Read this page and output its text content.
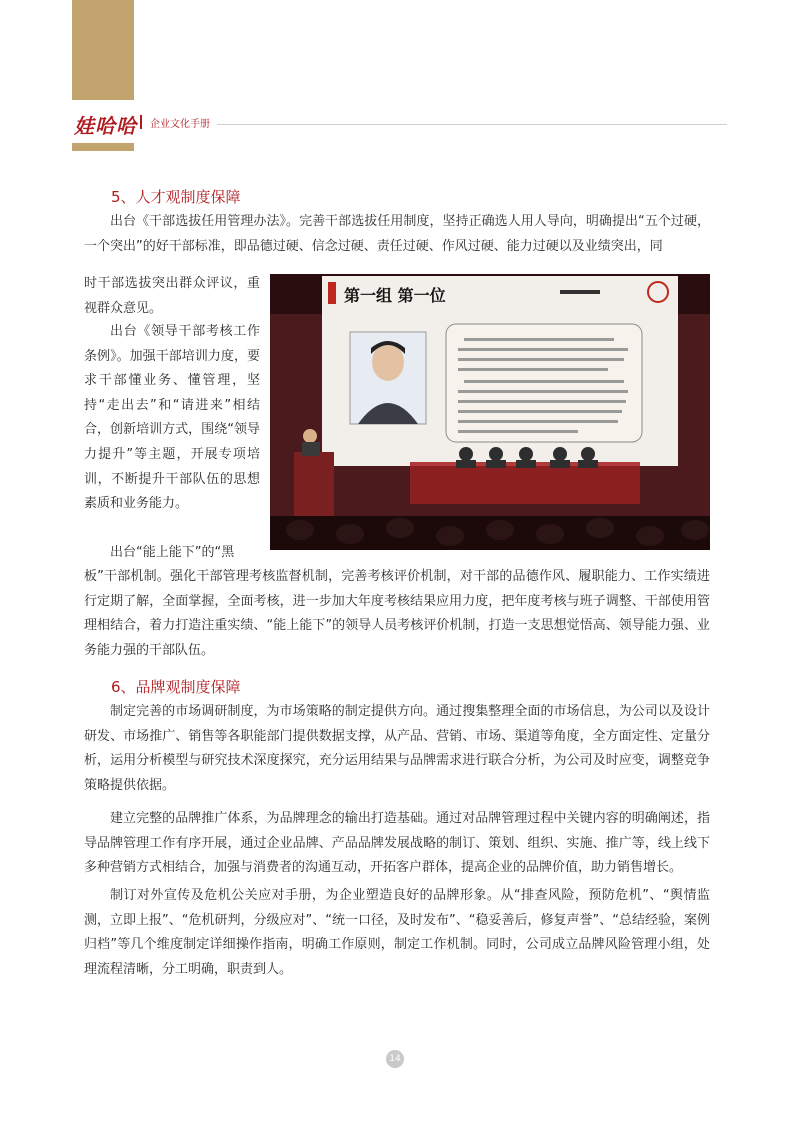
娃哈哈 企业文化手册
5、人才观制度保障

出台《干部选拔任用管理办法》。完善干部选拔任用制度，坚持正确选人用人导向，明确提出“五个过硬，一个突出”的好干部标准，即品德过硬、信念过硬、责任过硬、作风过硬、能力过硬以及业绩突出，同

时干部选拔突出群众评议，重视群众意见。

出台《领导干部考核工作条例》。加强干部培训力度，要求干部懂业务、懂管理，坚持“走出去”和“请进来”相结合，创新培训方式，围绕“领导力提升”等主题，开展专项培训，不断提升干部队伍的思想素质和业务能力。

出台“能上能下”的“黑

板”干部机制。强化干部管理考核监督机制，完善考核评价机制，对干部的品德作风、履职能力、工作实绩进行定期了解，全面掌握，全面考核，进一步加大年度考核结果应用力度，把年度考核与班子调整、干部使用管理相结合，着力打造注重实绩、“能上能下”的领导人员考核评价机制，打造一支思想觉悟高、领导能力强、业务能力强的干部队伍。

第一组 第一位
6、品牌观制度保障

制定完善的市场调研制度，为市场策略的制定提供方向。通过搜集整理全面的市场信息，为公司以及设计研发、市场推广、销售等各职能部门提供数据支撑，从产品、营销、市场、渠道等角度，全方面定性、定量分析，运用分析模型与研究技术深度探究，充分运用结果与品牌需求进行联合分析，为公司及时应变，调整竞争策略提供依据。

建立完整的品牌推广体系，为品牌理念的输出打造基础。通过对品牌管理过程中关键内容的明确阐述，指导品牌管理工作有序开展，通过企业品牌、产品品牌发展战略的制订、策划、组织、实施、推广等，线上线下多种营销方式相结合，加强与消费者的沟通互动，开拓客户群体，提高企业的品牌价值，助力销售增长。

制订对外宣传及危机公关应对手册，为企业塑造良好的品牌形象。从“排查风险，预防危机”、“舆情监测，立即上报”、“危机研判，分级应对”、“统一口径，及时发布”、“稳妥善后，修复声誉”、“总结经验，案例归档”等几个维度制定详细操作指南，明确工作原则，制定工作机制。同时，公司成立品牌风险管理小组，处理流程清晰，分工明确，职责到人。

14
